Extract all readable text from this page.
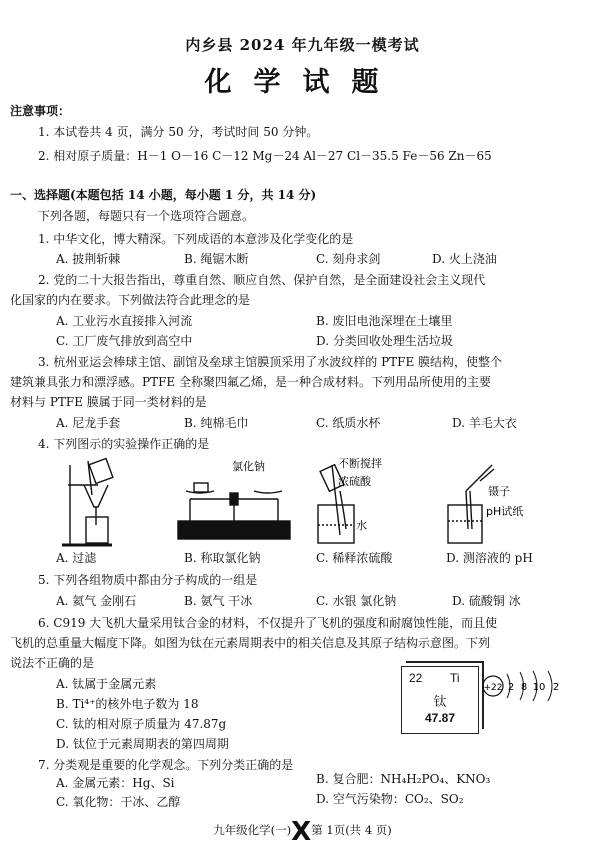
内乡县 2024 年九年级一模考试
化学试题
注意事项：
1. 本试卷共 4 页，满分 50 分，考试时间 50 分钟。
2. 相对原子质量：H－1 O－16 C－12 Mg－24 Al－27 Cl－35.5 Fe－56 Zn－65
一、选择题(本题包括 14 小题，每小题 1 分，共 14 分)
下列各题，每题只有一个选项符合题意。
1. 中华文化，博大精深。下列成语的本意涉及化学变化的是
A. 披荆斩棘	B. 绳锯木断	C. 刻舟求剑	D. 火上浇油
2. 党的二十大报告指出，尊重自然、顺应自然、保护自然，是全面建设社会主义现代
化国家的内在要求。下列做法符合此理念的是
A. 工业污水直接排入河流	B. 废旧电池深埋在土壤里
C. 工厂废气排放到高空中	D. 分类回收处理生活垃圾
3. 杭州亚运会棒球主馆、副馆及垒球主馆膜顶采用了水波纹样的 PTFE 膜结构，使整个
建筑兼具张力和漂浮感。PTFE 全称聚四氟乙烯，是一种合成材料。下列用品所使用的主要
材料与 PTFE 膜属于同一类材料的是
A. 尼龙手套	B. 纯棉毛巾	C. 纸质水杯	D. 羊毛大衣
4. 下列图示的实验操作正确的是
氯化钠	不断搅拌
浓硫酸
水
镊子
pH试纸
A. 过滤	B. 称取氯化钠	C. 稀释浓硫酸	D. 测溶液的 pH
5. 下列各组物质中都由分子构成的一组是
A. 氦气 金刚石	B. 氨气 干冰	C. 水银 氯化钠	D. 硫酸铜 冰
6. C919 大飞机大量采用钛合金的材料，不仅提升了飞机的强度和耐腐蚀性能，而且使
飞机的总重量大幅度下降。如图为钛在元素周期表中的相关信息及其原子结构示意图。下列
说法不正确的是
A. 钛属于金属元素
B. Ti⁴⁺的核外电子数为 18
C. 钛的相对原子质量为 47.87g
D. 钛位于元素周期表的第四周期
22 Ti
钛
47.87
+22 2 8 10 2
7. 分类观是重要的化学观念。下列分类正确的是
A. 金属元素：Hg、Si	B. 复合肥：NH₄H₂PO₄、KNO₃
C. 氧化物：干冰、乙醇	D. 空气污染物：CO₂、SO₂
九年级化学(一)X第 1页(共 4 页)
